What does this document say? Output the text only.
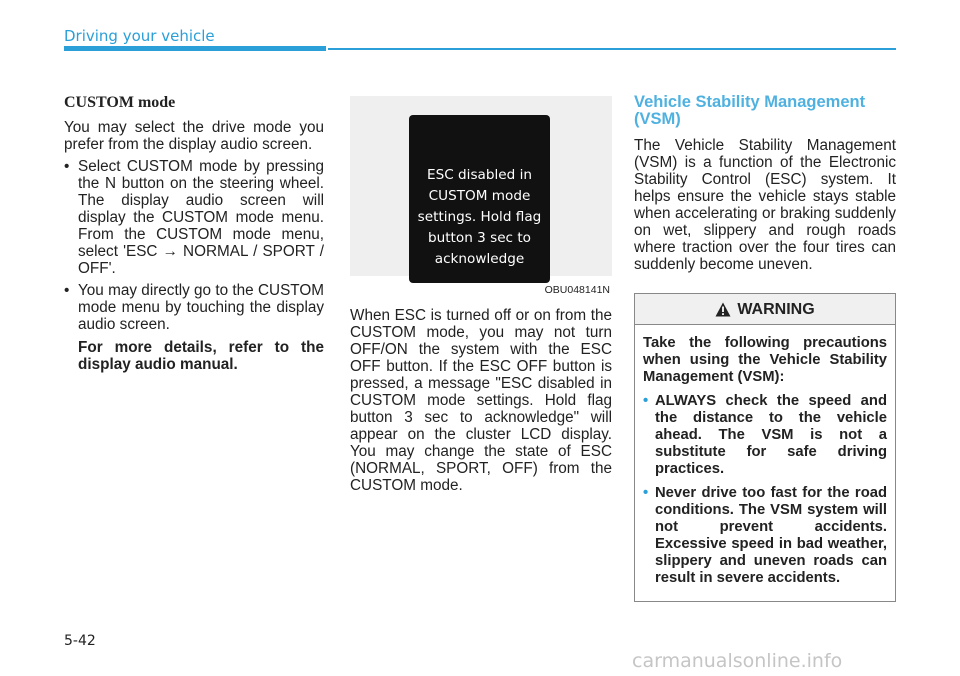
Driving your vehicle
CUSTOM mode

You may select the drive mode you prefer from the display audio screen.

• Select CUSTOM mode by pressing the N button on the steering wheel. The display audio screen will display the CUSTOM mode menu. From the CUSTOM mode menu, select 'ESC → NORMAL / SPORT / OFF'.
• You may directly go to the CUSTOM mode menu by touching the display audio screen.
For more details, refer to the display audio manual.
ESC disabled in
CUSTOM mode
settings. Hold flag
button 3 sec to
acknowledge
OBU048141N

When ESC is turned off or on from the CUSTOM mode, you may not turn OFF/ON the system with the ESC OFF button. If the ESC OFF button is pressed, a message "ESC disabled in CUSTOM mode settings. Hold flag button 3 sec to acknowledge" will appear on the cluster LCD display. You may change the state of ESC (NORMAL, SPORT, OFF) from the CUSTOM mode.

Vehicle Stability Management (VSM)

The Vehicle Stability Management (VSM) is a function of the Electronic Stability Control (ESC) system. It helps ensure the vehicle stays stable when accelerating or braking suddenly on wet, slippery and rough roads where traction over the four tires can suddenly become uneven.

WARNING

Take the following precautions when using the Vehicle Stability Management (VSM):

• ALWAYS check the speed and the distance to the vehicle ahead. The VSM is not a substitute for safe driving practices.
• Never drive too fast for the road conditions. The VSM system will not prevent accidents. Excessive speed in bad weather, slippery and uneven roads can result in severe accidents.
5-42
carmanualsonline.info
